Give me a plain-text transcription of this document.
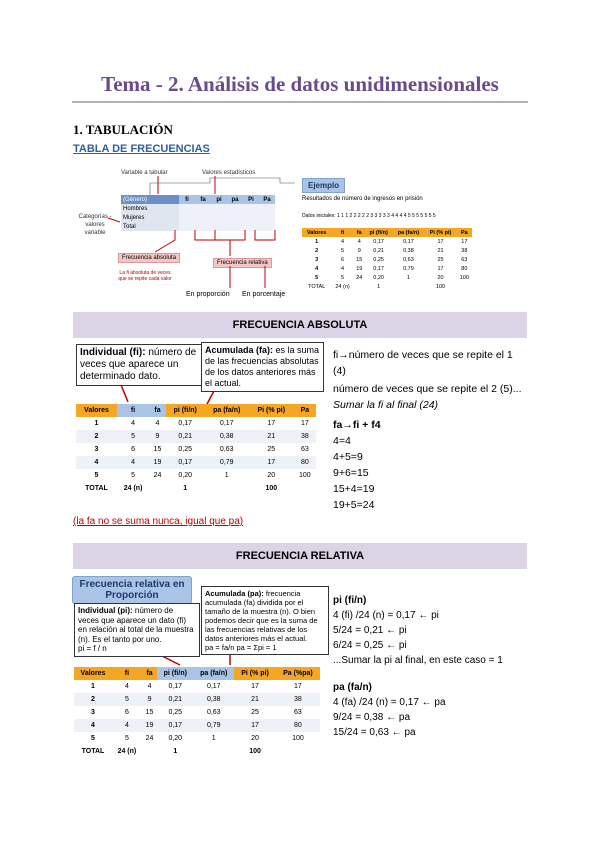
Tema - 2. Análisis de datos unidimensionales
1. TABULACIÓN
TABLA DE FRECUENCIAS
Variable a tabular	Valores estadísticos
(Género)	fi	fa	pi	pa	Pi	Pa
Hombres						
Mujeres						
Total						
Categorías - valores variable
Frecuencia absoluta
Frecuencia relativa
La fi absoluta de veces que se repite cada valor
En proporción En porcentaje
Ejemplo
Resultados de número de ingresos en prisión
Datos iniciales: 1 1 1 2 2 2 2 2 3 3 3 3 3 4 4 4 4 5 5 5 5 5 5 5
Valores	fi	fa	pi (fi/n)	pa (fa/n)	Pi (% pi)	Pa
1	4	4	0,17	0,17	17	17
2	5	9	0,21	0,38	21	38
3	6	15	0,25	0,63	25	63
4	4	19	0,17	0,79	17	80
5	5	24	0,20	1	20	100
TOTAL	24 (n)		1		100	
FRECUENCIA ABSOLUTA
Individual (fi): número de veces que aparece un determinado dato.
Acumulada (fa): es la suma de las frecuencias absolutas de los datos anteriores más el actual.
Valores	fi	fa	pi (fi/n)	pa (fa/n)	Pi (% pi)	Pa
1	4	4	0,17	0,17	17	17
2	5	9	0,21	0,38	21	38
3	6	15	0,25	0,63	25	63
4	4	19	0,17	0,79	17	80
5	5	24	0,20	1	20	100
TOTAL	24 (n)		1		100	
(la fa no se suma nunca, igual que pa)
fi→número de veces que se repite el 1 (4)
número de veces que se repite el 2 (5)...
Sumar la fi al final (24)
fa→fi + f4
4=4
4+5=9
9+6=15
15+4=19
19+5=24
FRECUENCIA RELATIVA
Frecuencia relativa en Proporción
Individual (pi): número de veces que aparece un dato (fi) en relación al total de la muestra (n). Es el tanto por uno.
pi = f / n
Acumulada (pa): frecuencia acumulada (fa) dividida por el tamaño de la muestra (n). O bien podemos decir que es la suma de las frecuencias relativas de los datos anteriores más el actual.
pa = fa/n pa = Σpi = 1
Valores	fi	fa	pi (fi/n)	pa (fa/n)	Pi (% pi)	Pa (%pa)
1	4	4	0,17	0,17	17	17
2	5	9	0,21	0,38	21	38
3	6	15	0,25	0,63	25	63
4	4	19	0,17	0,79	17	80
5	5	24	0,20	1	20	100
TOTAL	24 (n)		1		100	
pi (fi/n)
4 (fi) /24 (n) = 0,17 ← pi
5/24 = 0,21 ← pi
6/24 = 0,25 ← pi
...Sumar la pi al final, en este caso = 1
pa (fa/n)
4 (fa) /24 (n) = 0,17 ← pa
9/24 = 0,38 ← pa
15/24 = 0,63 ← pa
